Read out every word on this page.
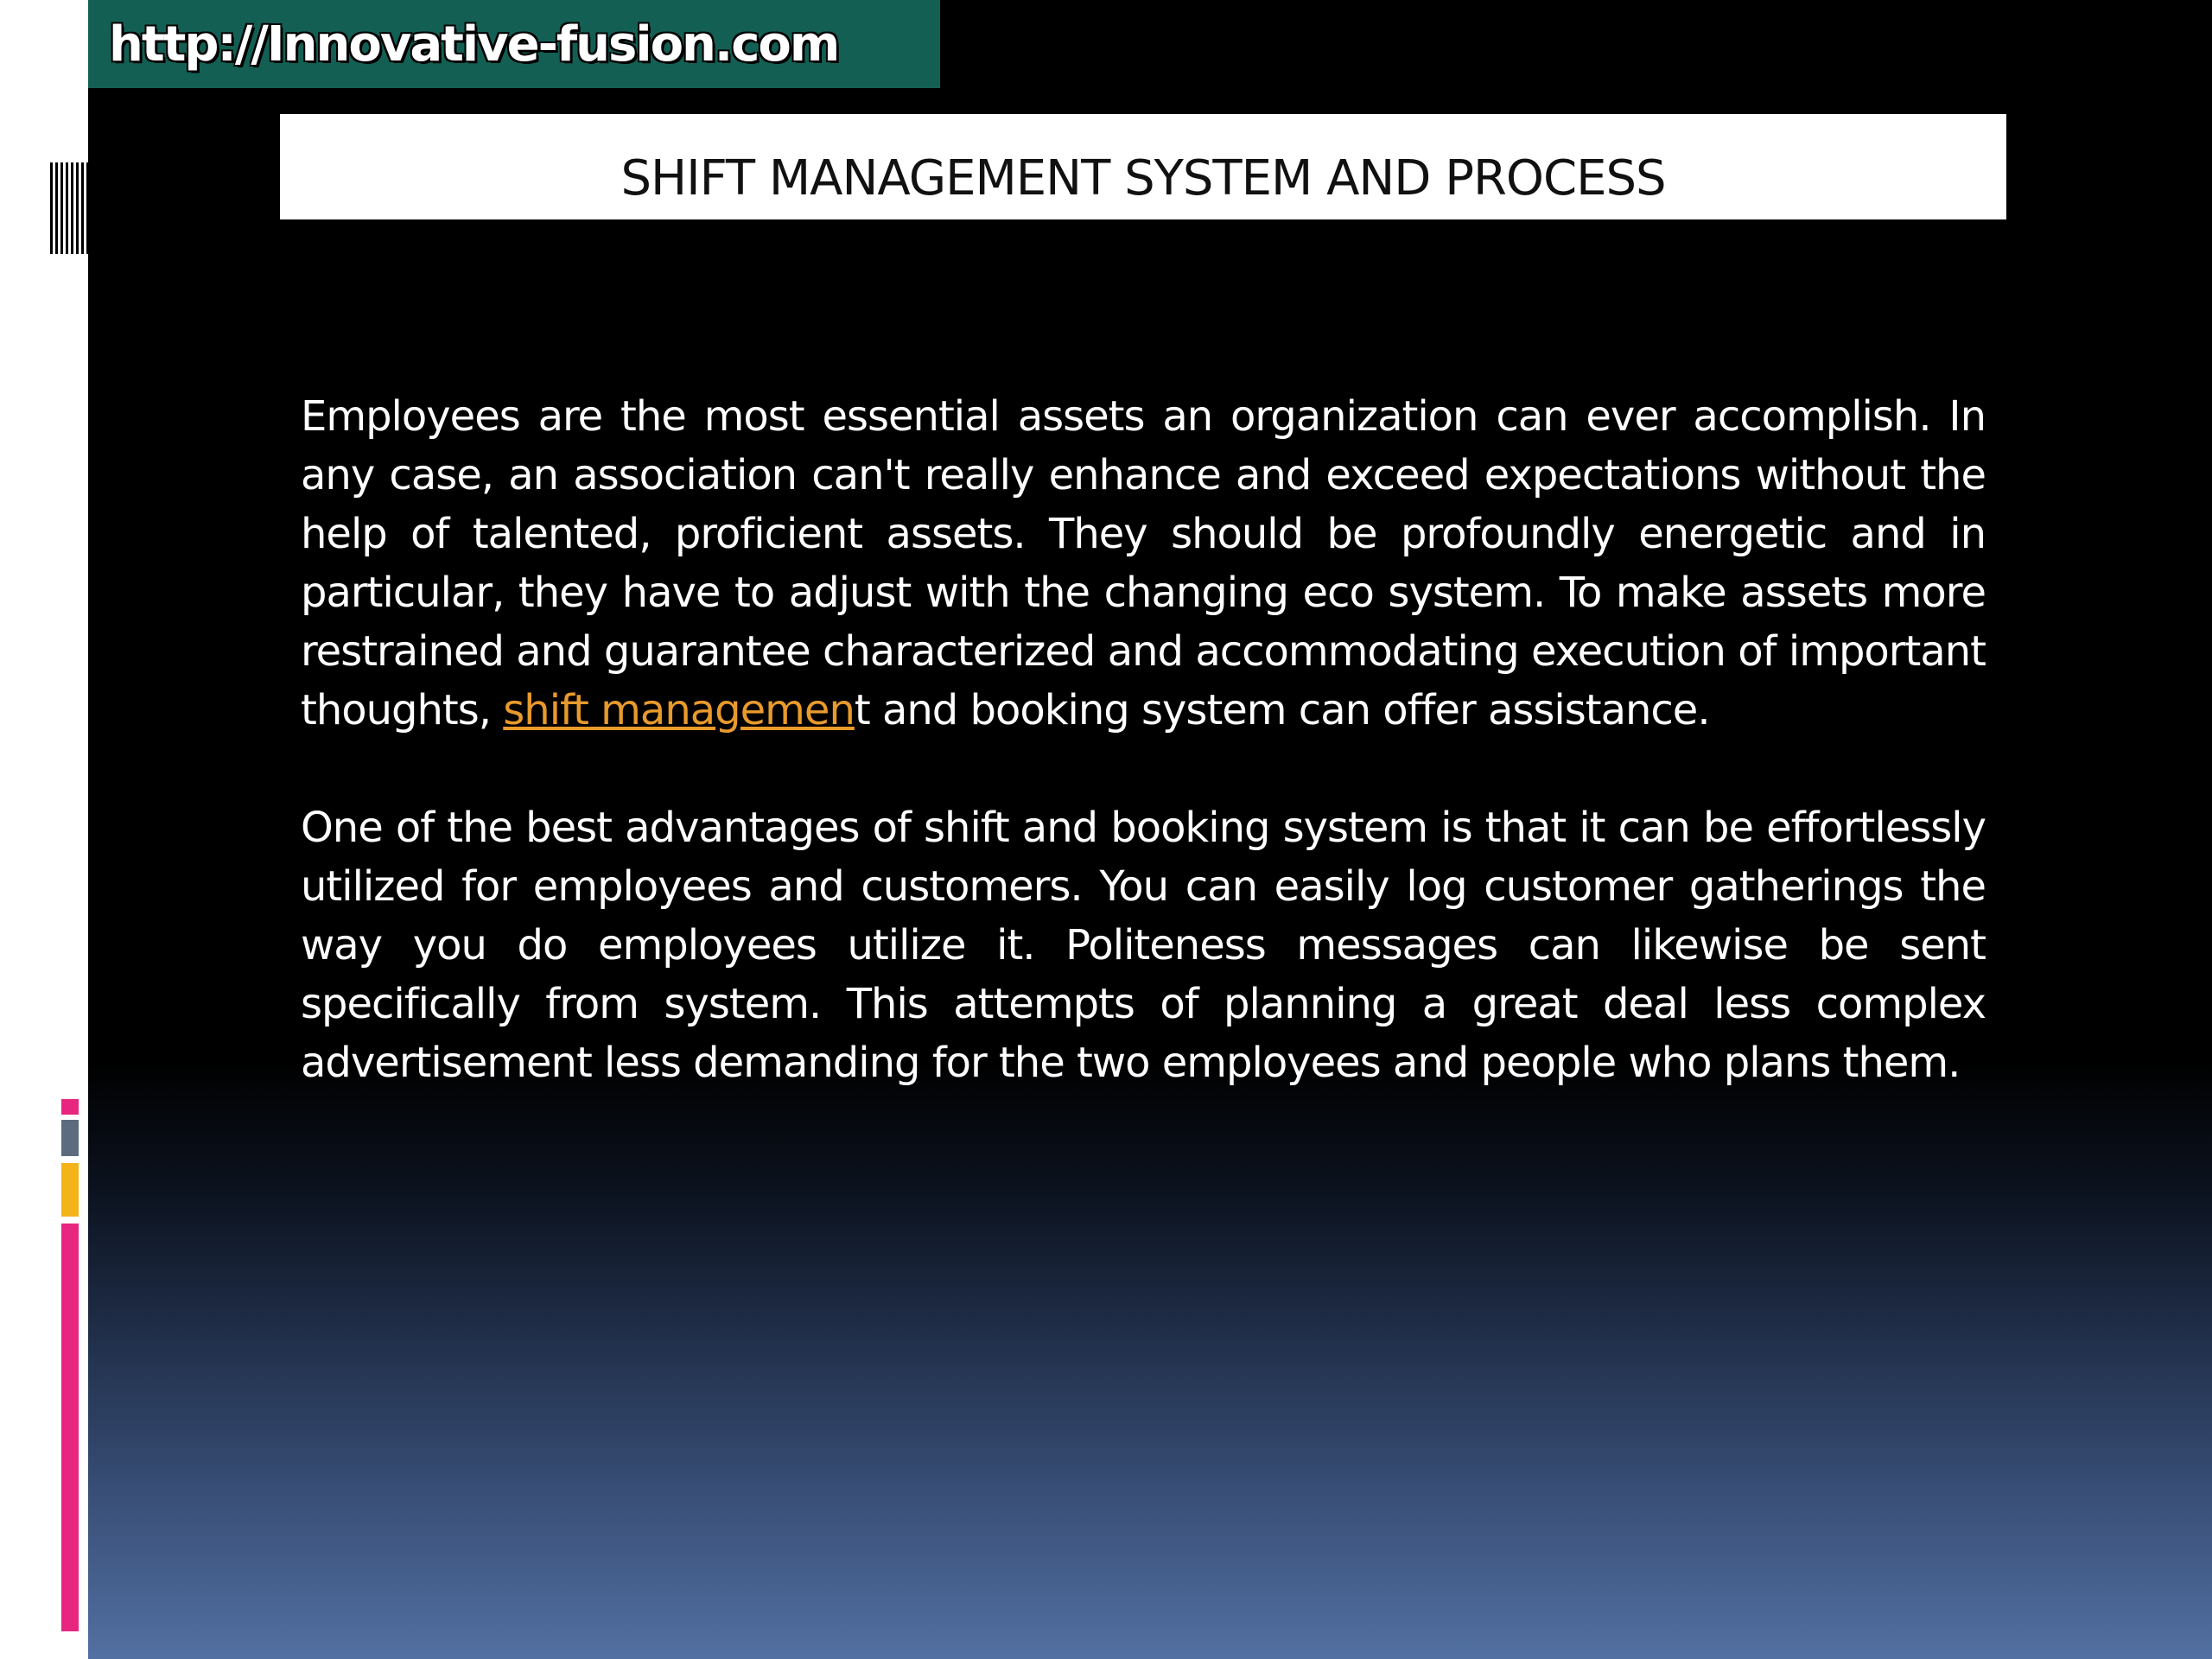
http://Innovative-fusion.com
SHIFT MANAGEMENT SYSTEM AND PROCESS

Employees are the most essential assets an organization can ever accomplish. In any case, an association can't really enhance and exceed expectations without the help of talented, proficient assets. They should be profoundly energetic and in particular, they have to adjust with the changing eco system. To make assets more restrained and guarantee characterized and accommodating execution of important thoughts, shift management and booking system can offer assistance.

One of the best advantages of shift and booking system is that it can be effortlessly utilized for employees and customers. You can easily log customer gatherings the way you do employees utilize it. Politeness messages can likewise be sent specifically from system. This attempts of planning a great deal less complex advertisement less demanding for the two employees and people who plans them.
